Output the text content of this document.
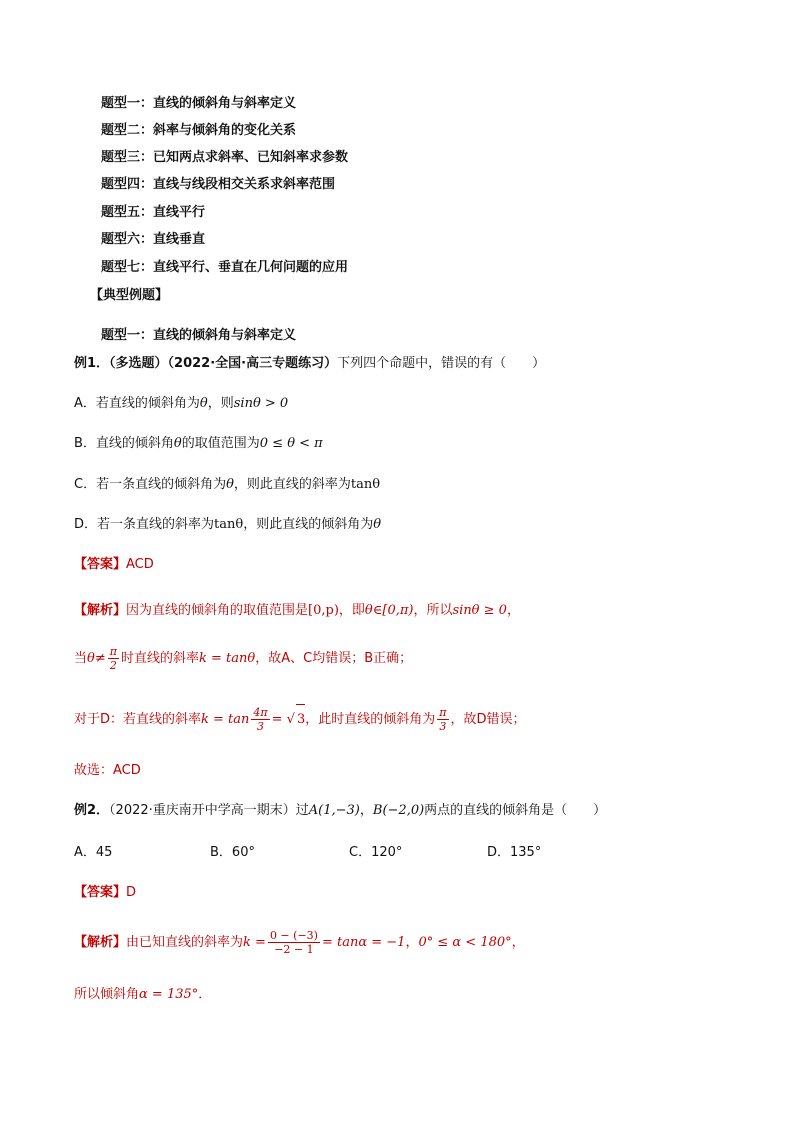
题型一：直线的倾斜角与斜率定义
题型二：斜率与倾斜角的变化关系
题型三：已知两点求斜率、已知斜率求参数
题型四：直线与线段相交关系求斜率范围
题型五：直线平行
题型六：直线垂直
题型七：直线平行、垂直在几何问题的应用
【典型例题】
题型一：直线的倾斜角与斜率定义
例1．（多选题）（2022·全国·高三专题练习）下列四个命题中，错误的有（　　）
A．若直线的倾斜角为θ，则sinθ > 0
B．直线的倾斜角θ的取值范围为0 ≤ θ < π
C．若一条直线的倾斜角为θ，则此直线的斜率为tanθ
D．若一条直线的斜率为tanθ，则此直线的倾斜角为θ
【答案】ACD
【解析】因为直线的倾斜角的取值范围是[0,p)，即θ∈[0,π)，所以sinθ ≥ 0，
当$\theta\ne \frac{\pi}{2}$ 时直线的斜率k = tanθ，故A、C均错误；B正确；
对于D：若直线的斜率$k = \tan \frac{4\pi}{3}$ = √ 3，此时直线的倾斜角为 $\frac{\pi}{3}$ ，故D错误；
故选：ACD
例2．（2022·重庆南开中学高一期末）过A(1,−3)，B(−2,0)两点的直线的倾斜角是（　　）
A．45	B．60°	C．120°	D．135°
【答案】D
【解析】由已知直线的斜率为$k = \frac{0 - (-3)}{-2 - 1} = \tan\alpha = -1$，0° ≤ α < 180°，
所以倾斜角α = 135°．
